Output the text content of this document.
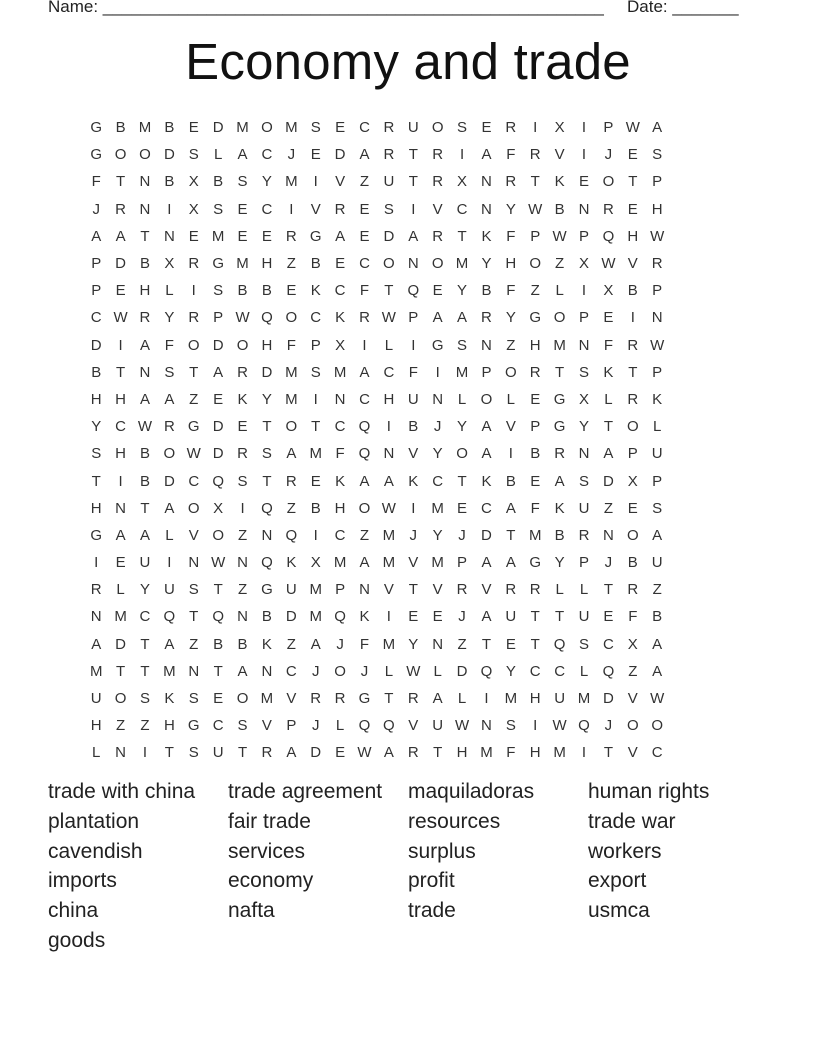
Name: _____________________________________________________ Date: _______
Economy and trade
G B M B E D M O M S E C R U O S E R	I	X	I	P W A
G O O D S	L	A C	J	E D A R T R	I	A F R V	I	J	E S
F	T N B X B S Y M	I	V Z U T R X N R T K E O T P
J	R N	I	X S E C	I	V R E S	I	V C N Y W B N R E H
A A T N E M E E R G A E D A R T K F P W P Q H W
P D B X R G M H Z B E C O N O M Y H O Z X W V R
P E H L	I	S B B E K C F	T Q E Y B F	Z	L	I	X B P
C W R Y R P W Q O C K R W P A A R Y G O P E	I	N
D	I	A F O D O H F P X	I	L	I	G S N Z H M N F R W
B T N S T A R D M S M A C F	I	M P O R T S K T P
H H A A Z E K Y M	I	N C H U N L O L	E G X	L R K
Y C W R G D E T O T C Q	I	B	J	Y A V P G Y T O L
S H B O W D R S A M F Q N V Y O A	I	B R N A P U
T	I	B D C Q S T R E K A A K C T K B E A S D X P
H N T A O X	I	Q Z B H O W	I	M E C A F K U Z E S
G A A	L	V O Z N Q	I	C Z M J	Y	J	D T M B R N O A
I	E U	I	N W N Q K X M A M V M P A A G Y P	J	B U
R L	Y U S T	Z G U M P N V T V R V R R L	L	T R Z
N M C Q T Q N B D M Q K	I	E E	J	A U T	T U E F B
A D T A Z B B K Z A	J	F M Y N Z	T E T Q S C X A
M T	T M N T A N C	J O J	L W L D Q Y C C L Q Z A
U O S K S E O M V R R G T R A	L	I	M H U M D V W
H Z	Z H G C S V P	J	L Q Q V U W N S	I	W Q J O O
L N	I	T S U T R A D E W A R T H M F H M	I	T V C
trade with china	trade agreement	maquiladoras	human rights
plantation	fair trade	resources	trade war
cavendish	services	surplus	workers
imports	economy	profit	export
china	nafta	trade	usmca
goods
